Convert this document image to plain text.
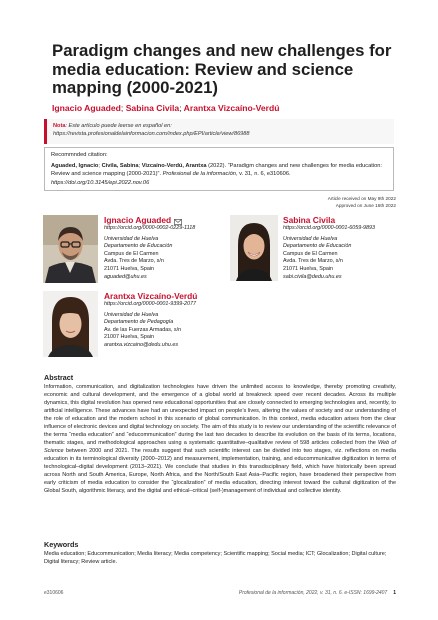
Paradigm changes and new challenges for media education: Review and science mapping (2000-2021)
Ignacio Aguaded; Sabina Civila; Arantxa Vizcaíno-Verdú
Nota: Este artículo puede leerse en español en:
https://revista.profesionaldelainformacion.com/index.php/EPI/article/view/86988
Recommnded citation:
Aguaded, Ignacio; Civila, Sabina; Vizcaíno-Verdú, Arantxa (2022). “Paradigm changes and new challenges for media education: Review and science mapping (2000-2021)”. Profesional de la información, v. 31, n. 6, e310606.
https://doi.org/10.3145/epi.2022.nov.06
Article received on May 9th 2022
Approved on June 16th 2022
Ignacio Aguaded
https://orcid.org/0000-0002-0229-1118
Universidad de Huelva
Departamento de Educación
Campus de El Carmen
Avda. Tres de Marzo, s/n
21071 Huelva, Spain
aguaded@uhu.es
Sabina Civila
https://orcid.org/0000-0001-6059-9893
Universidad de Huelva
Departamento de Educación
Campus de El Carmen
Avda. Tres de Marzo, s/n
21071 Huelva, Spain
sabi.civila@dedu.uhu.es
Arantxa Vizcaíno-Verdú
https://orcid.org/0000-0001-9399-2077
Universidad de Huelva
Departamento de Pedagogía
Av. de las Fuerzas Armadas, s/n
21007 Huelva, Spain
arantxa.vizcaino@dedu.uhu.es
Abstract

Information, communication, and digitalization technologies have driven the unlimited access to knowledge, thereby promoting creativity, economic and cultural development, and the emergence of a global world at breakneck speed over recent decades. Across its multiple dynamics, this digital revolution has opened new educational opportunities that are closely connected to emerging technologies and, recently, to artificial intelligence. These advances have had an unexpected impact on people’s lives, altering the values of society and our understanding of the role of education and the modern school in this scenario of global communication. In this context, media education arises from the clear influence of electronic devices and digital technology on society. The aim of this study is to review our understanding of the scientific relevance of the terms “media education” and “educommunication” during the last two decades to describe its evolution on the basis of its terms, locations, thematic stages, and methodological approaches using a systematic quantitative–qualitative review of 598 articles collected from the Web of Science between 2000 and 2021. The results suggest that such scientific interest can be divided into two stages, viz. reflections on media education in its terminological diversity (2000–2012) and measurement, implementation, training, and educommunicative digitization in terms of technological–digital development (2013–2021). We conclude that studies in this transdisciplinary field, which have historically been spread across North and South America, Europe, North Africa, and the North/South East Asia–Pacific region, have broadened their perspective from early criticism of media education to consider the “glocalization” of media education, directing interest toward the cultural digitization of the Global South, algorithmic literacy, and the digital and ethical–critical (self-)management of individual and collective identity.

Keywords

Media education; Educommunication; Media literacy; Media competency; Scientific mapping; Social media; ICT; Glocalization; Digital culture; Digital literacy; Review article.

e310606	Profesional de la información, 2022, v. 31, n. 6. e-ISSN: 1699-2407 1
